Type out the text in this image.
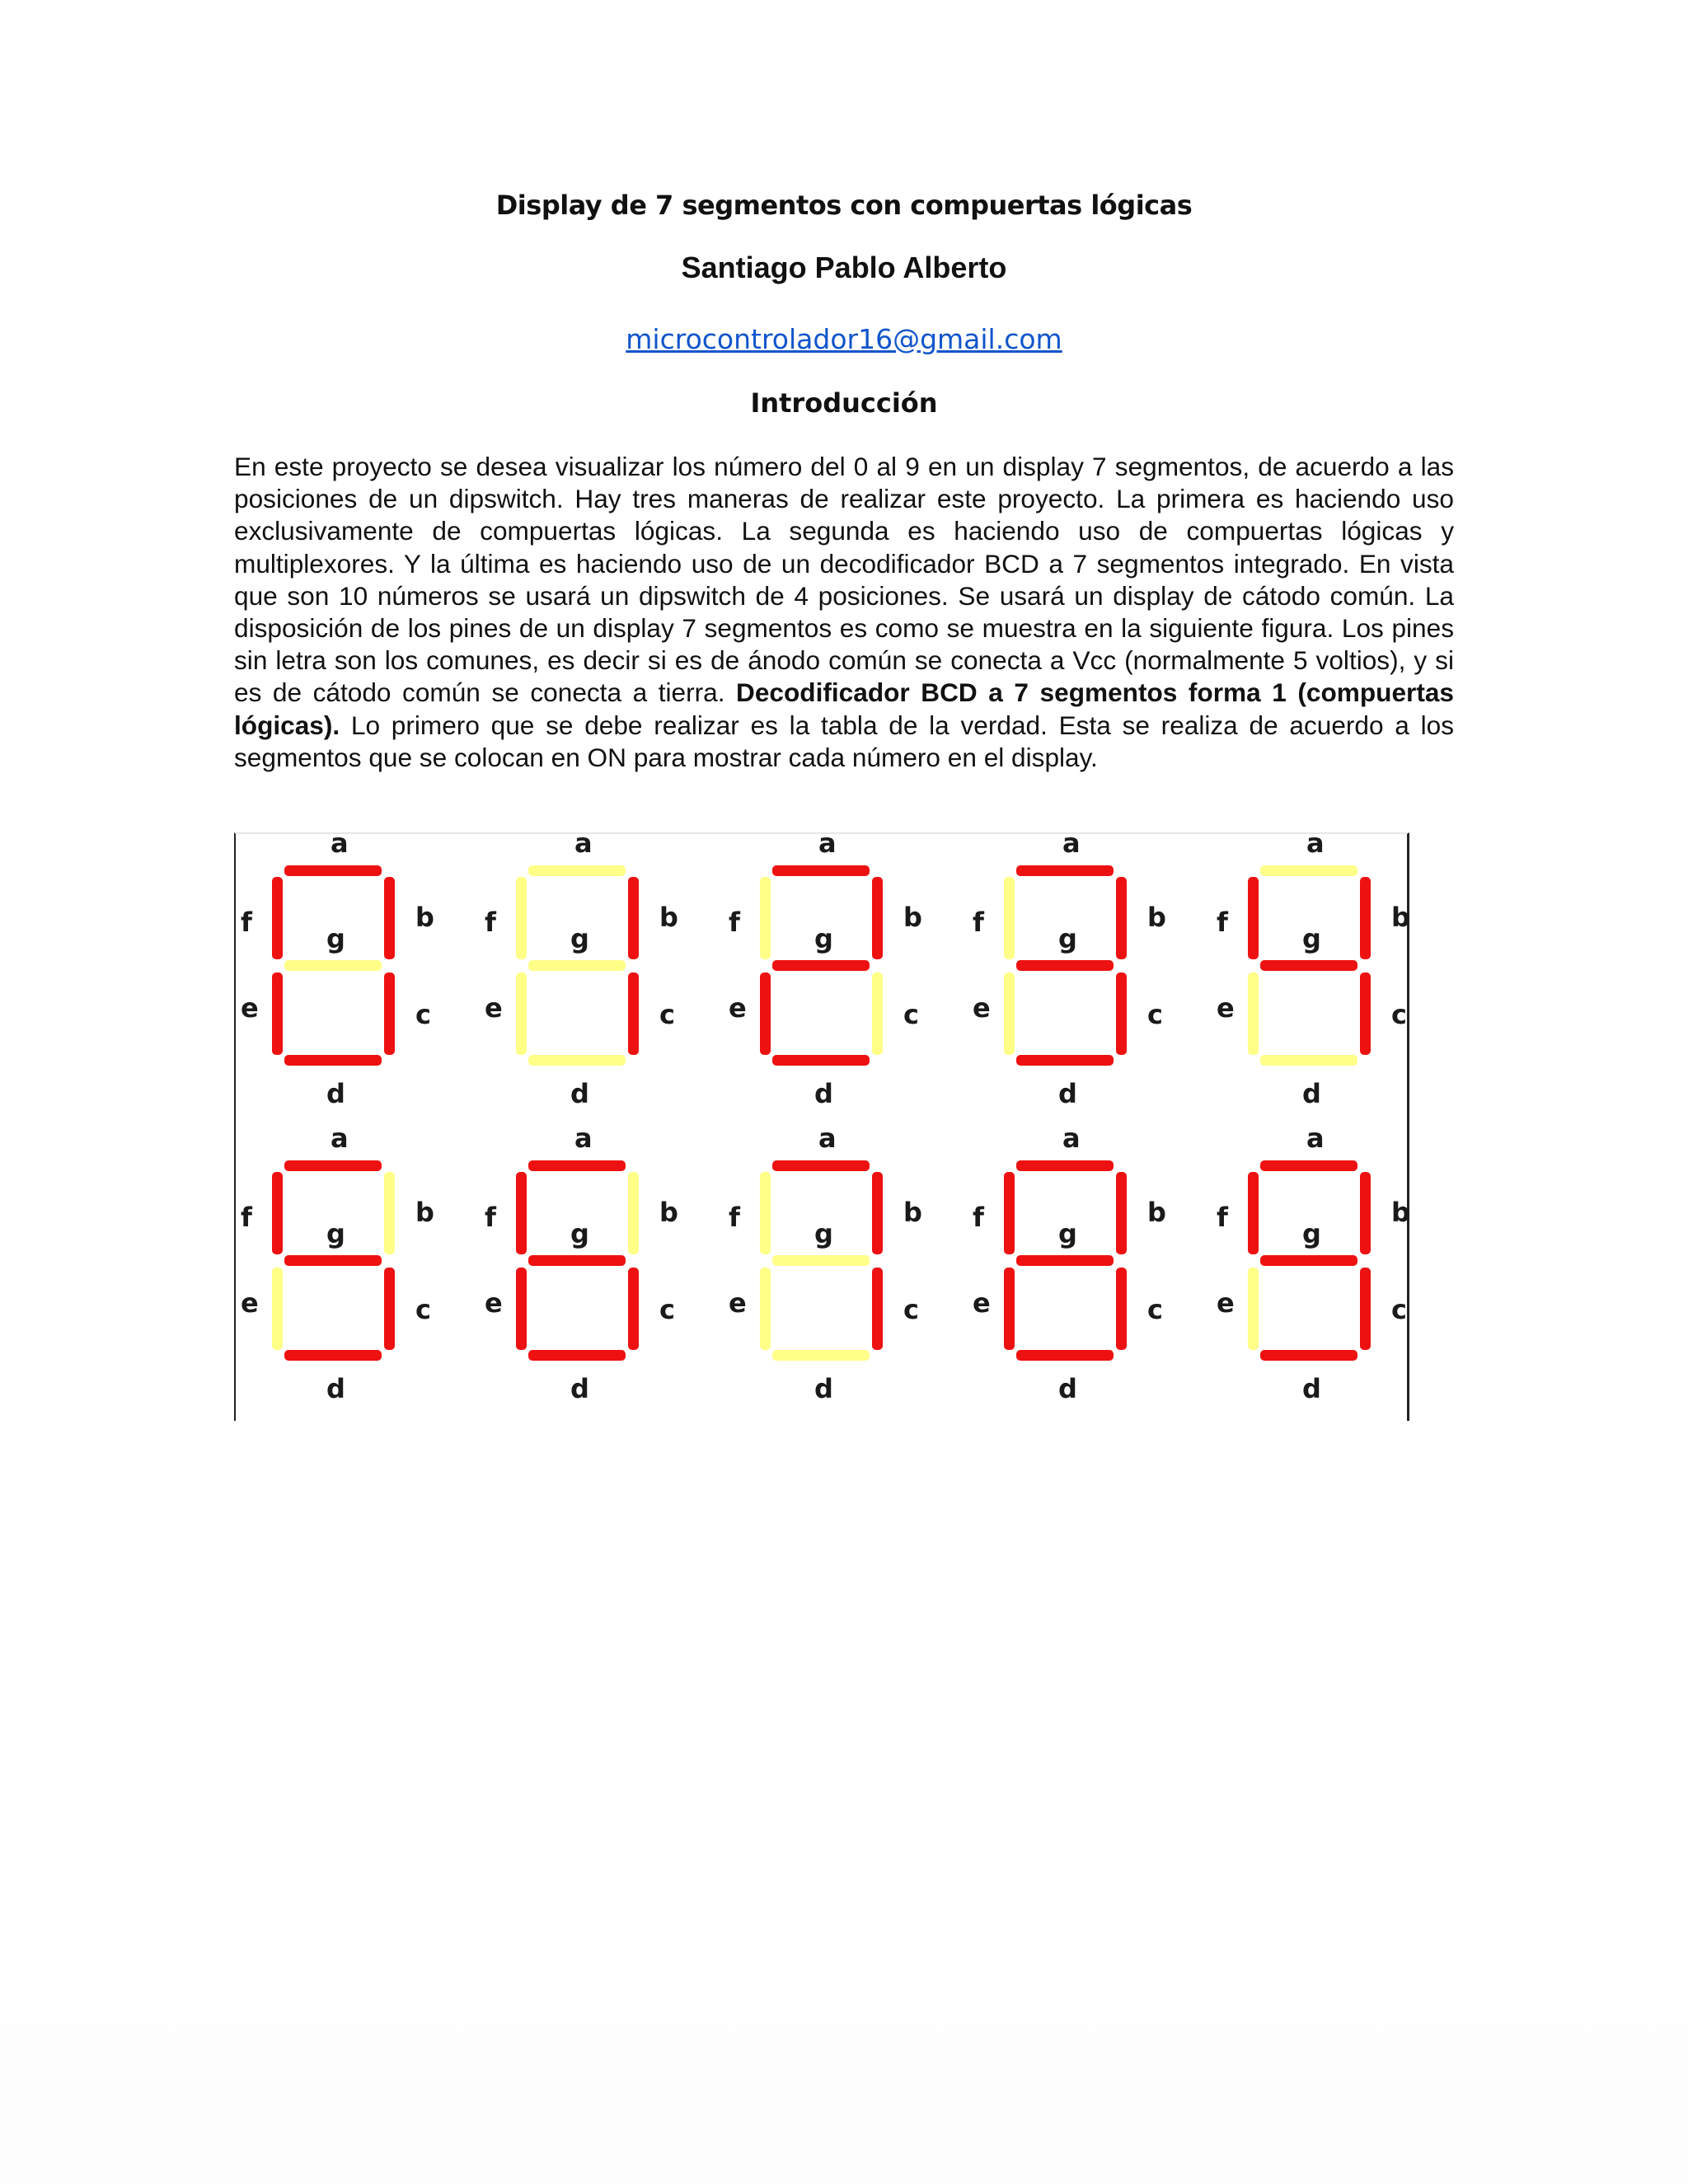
Display de 7 segmentos con compuertas lógicas
Santiago Pablo Alberto
microcontrolador16@gmail.com
Introducción

En este proyecto se desea visualizar los número del 0 al 9 en un display 7 segmentos, de acuerdo a las posiciones de un dipswitch. Hay tres maneras de realizar este proyecto. La primera es haciendo uso exclusivamente de compuertas lógicas. La segunda es haciendo uso de compuertas lógicas y multiplexores. Y la última es haciendo uso de un decodificador BCD a 7 segmentos integrado. En vista que son 10 números se usará un dipswitch de 4 posiciones. Se usará un display de cátodo común. La disposición de los pines de un display 7 segmentos es como se muestra en la siguiente figura. Los pines sin letra son los comunes, es decir si es de ánodo común se conecta a Vcc (normalmente 5 voltios), y si es de cátodo común se conecta a tierra. Decodificador BCD a 7 segmentos forma 1 (compuertas lógicas). Lo primero que se debe realizar es la tabla de la verdad. Esta se realiza de acuerdo a los segmentos que se colocan en ON para mostrar cada número en el display.

a
b
c
d
e
f
g
a
b
c
d
e
f
g
a
b
c
d
e
f
g
a
b
c
d
e
f
g
a
b
c
d
e
f
g
a
b
c
d
e
f
g
a
b
c
d
e
f
g
a
b
c
d
e
f
g
a
b
c
d
e
f
g
a
b
c
d
e
f
g
